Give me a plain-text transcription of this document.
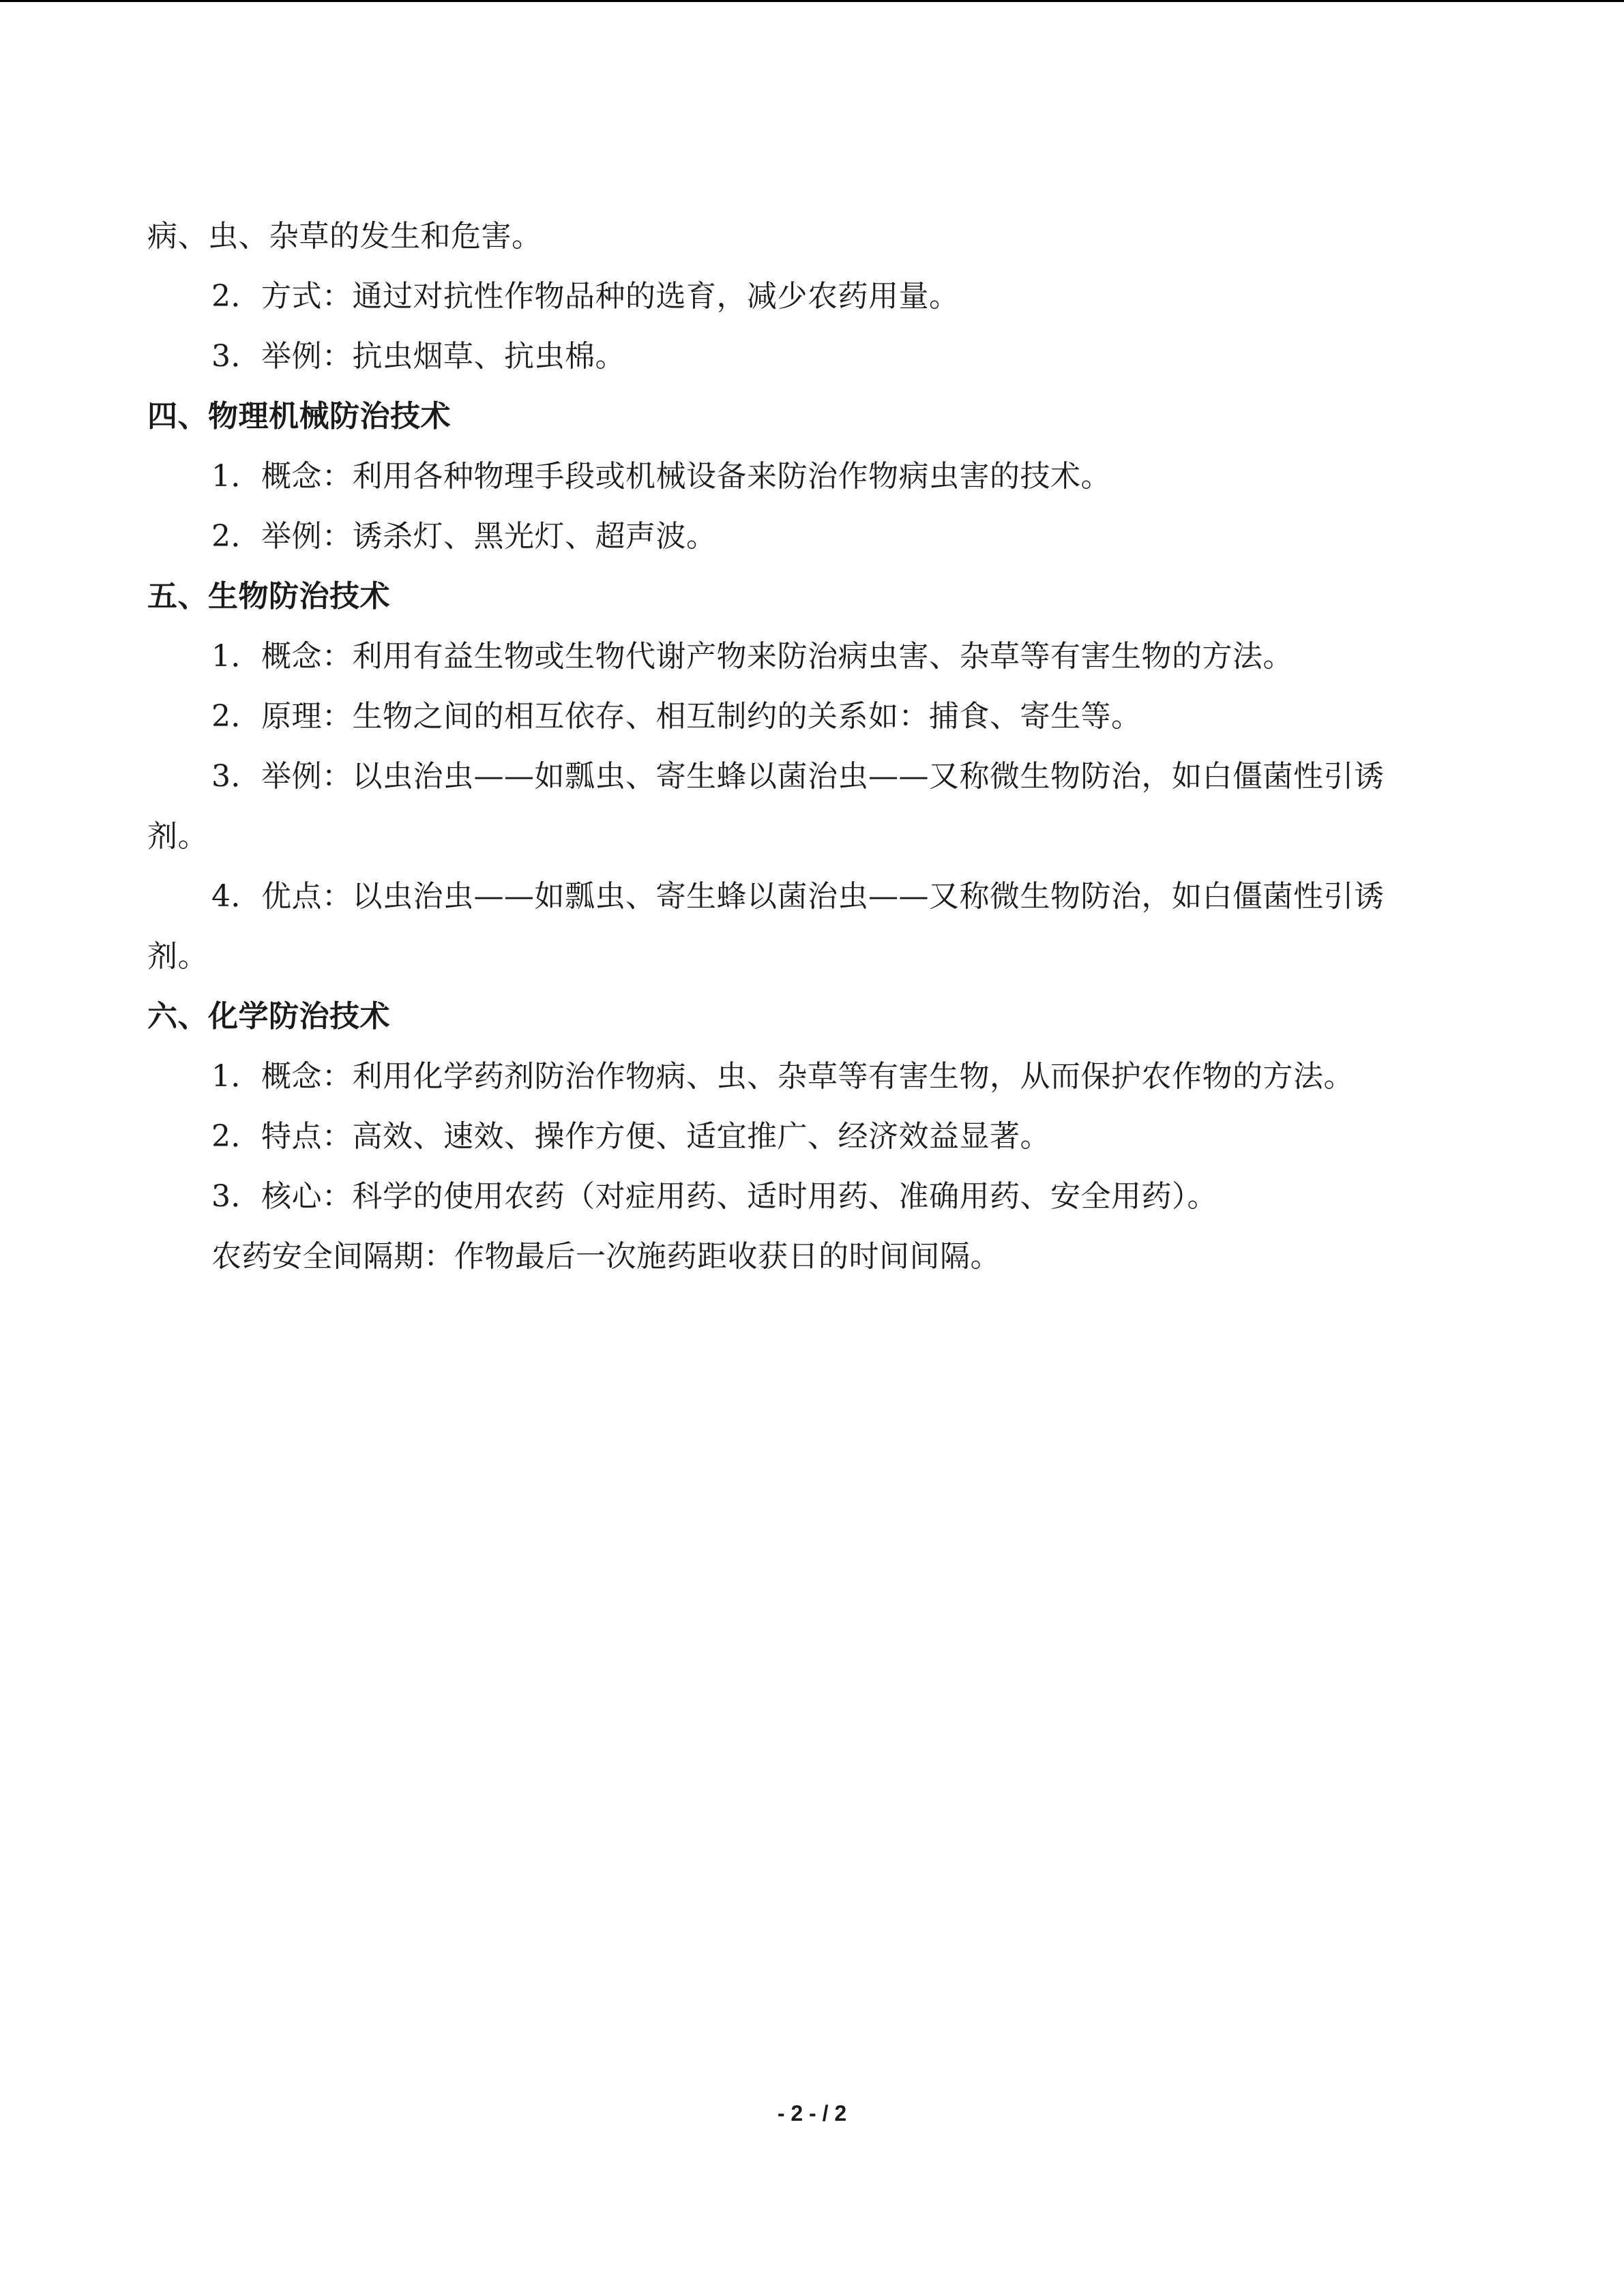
病、虫、杂草的发生和危害。
2．方式：通过对抗性作物品种的选育，减少农药用量。
3．举例：抗虫烟草、抗虫棉。
四、物理机械防治技术
1．概念：利用各种物理手段或机械设备来防治作物病虫害的技术。
2．举例：诱杀灯、黑光灯、超声波。
五、生物防治技术
1．概念：利用有益生物或生物代谢产物来防治病虫害、杂草等有害生物的方法。
2．原理：生物之间的相互依存、相互制约的关系如：捕食、寄生等。
3．举例：以虫治虫——如瓢虫、寄生蜂以菌治虫——又称微生物防治，如白僵菌性引诱
剂。
4．优点：以虫治虫——如瓢虫、寄生蜂以菌治虫——又称微生物防治，如白僵菌性引诱
剂。
六、化学防治技术
1．概念：利用化学药剂防治作物病、虫、杂草等有害生物，从而保护农作物的方法。
2．特点：高效、速效、操作方便、适宜推广、经济效益显著。
3．核心：科学的使用农药（对症用药、适时用药、准确用药、安全用药）。
农药安全间隔期：作物最后一次施药距收获日的时间间隔。
- 2 - / 2
